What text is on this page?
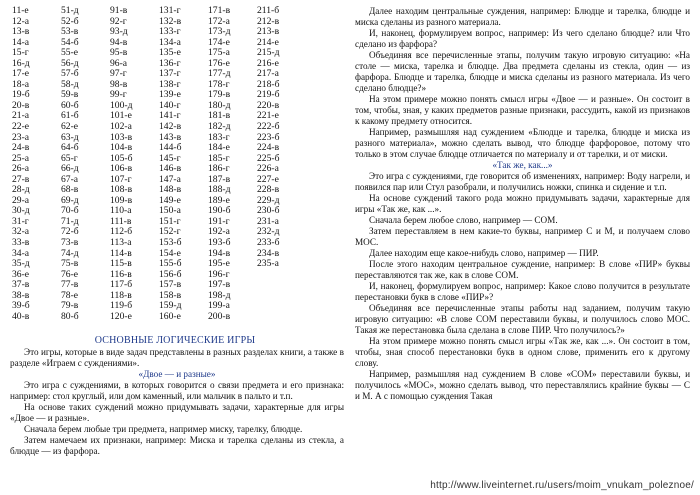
11-е
12-а
13-в
14-а
15-г
16-д
17-е
18-а
19-б
20-в
21-а
22-е
23-а
24-в
25-а
26-а
27-в
28-д
29-а
30-д
31-г
32-а
33-в
34-а
35-д
36-е
37-в
38-в
39-б
40-в
51-д
52-б
53-в
54-б
55-е
56-д
57-б
58-д
59-в
60-б
61-б
62-е
63-д
64-б
65-г
66-д
67-а
68-в
69-д
70-б
71-д
72-б
73-в
74-д
75-в
76-е
77-в
78-е
79-в
80-б
91-в
92-г
93-д
94-в
95-в
96-а
97-г
98-в
99-г
100-д
101-е
102-а
103-в
104-в
105-б
106-в
107-г
108-в
109-в
110-а
111-в
112-б
113-а
114-в
115-в
116-в
117-б
118-в
119-б
120-е
131-г
132-в
133-г
134-а
135-е
136-г
137-г
138-г
139-е
140-г
141-г
142-в
143-в
144-б
145-г
146-в
147-а
148-в
149-е
150-а
151-г
152-г
153-б
154-е
155-б
156-б
157-в
158-в
159-д
160-е
171-в
172-а
173-д
174-е
175-а
176-е
177-д
178-г
179-в
180-д
181-в
182-д
183-г
184-е
185-г
186-г
187-в
188-д
189-е
190-б
191-г
192-а
193-б
194-в
195-е
196-г
197-в
198-д
199-а
200-в
211-б
212-в
213-в
214-е
215-д
216-е
217-а
218-б
219-б
220-в
221-е
222-б
223-б
224-в
225-б
226-а
227-е
228-в
229-д
230-б
231-а
232-д
233-б
234-в
235-а
ОСНОВНЫЕ ЛОГИЧЕСКИЕ ИГРЫ

Это игры, которые в виде задач представлены в разных разделах книги, а также в разделе «Играем с суждениями».

«Двое — и разные»

Это игра с суждениями, в которых говорится о связи предмета и его признака: например: стол круглый, или дом каменный, или мальчик в пальто и т.п.

На основе таких суждений можно придумывать задачи, характерные для игры «Двое — и разные».

Сначала берем любые три предмета, например миску, тарелку, блюдце.

Затем намечаем их признаки, например: Миска и тарелка сделаны из стекла, а блюдце — из фарфора.

Далее находим центральные суждения, например: Блюдце и тарелка, блюдце и миска сделаны из разного материала.

И, наконец, формулируем вопрос, например: Из чего сделано блюдце? или Что сделано из фарфора?

Объединяя все перечисленные этапы, получим такую игровую ситуацию: «На столе — миска, тарелка и блюдце. Два предмета сделаны из стекла, один — из фарфора. Блюдце и тарелка, блюдце и миска сделаны из разного материала. Из чего сделано блюдце?»

На этом примере можно понять смысл игры «Двое — и разные». Он состоит в том, чтобы, зная, у каких предметов разные признаки, рассудить, какой из признаков к какому предмету относится.

Например, размышляя над суждением «Блюдце и тарелка, блюдце и миска из разного материала», можно сделать вывод, что блюдце фарфоровое, потому что только в этом случае блюдце отличается по материалу и от тарелки, и от миски.

«Так же, как...»

Это игра с суждениями, где говорится об изменениях, например: Воду нагрели, и появился пар или Стул разобрали, и получились ножки, спинка и сидение и т.п.

На основе суждений такого рода можно придумывать задачи, характерные для игры «Так же, как ...».

Сначала берем любое слово, например — СОМ.

Затем переставляем в нем какие-то буквы, например С и М, и получаем слово МОС.

Далее находим еще какое-нибудь слово, например — ПИР.

После этого находим центральное суждение, например: В слове «ПИР» буквы переставляются так же, как в слове СОМ.

И, наконец, формулируем вопрос, например: Какое слово получится в результате перестановки букв в слове «ПИР»?

Объединяя все перечисленные этапы работы над заданием, получим такую игровую ситуацию: «В слове СОМ переставили буквы, и получилось слово МОС. Такая же перестановка была сделана в слове ПИР. Что получилось?»

На этом примере можно понять смысл игры «Так же, как ...». Он состоит в том, чтобы, зная способ перестановки букв в одном слове, применить его к другому слову.

Например, размышляя над суждением В слове «СОМ» переставили буквы, и получилось «МОС», можно сделать вывод, что переставлялись крайние буквы — С и М. А с помощью суждения Такая

http://www.liveinternet.ru/users/moim_vnukam_poleznoe/
